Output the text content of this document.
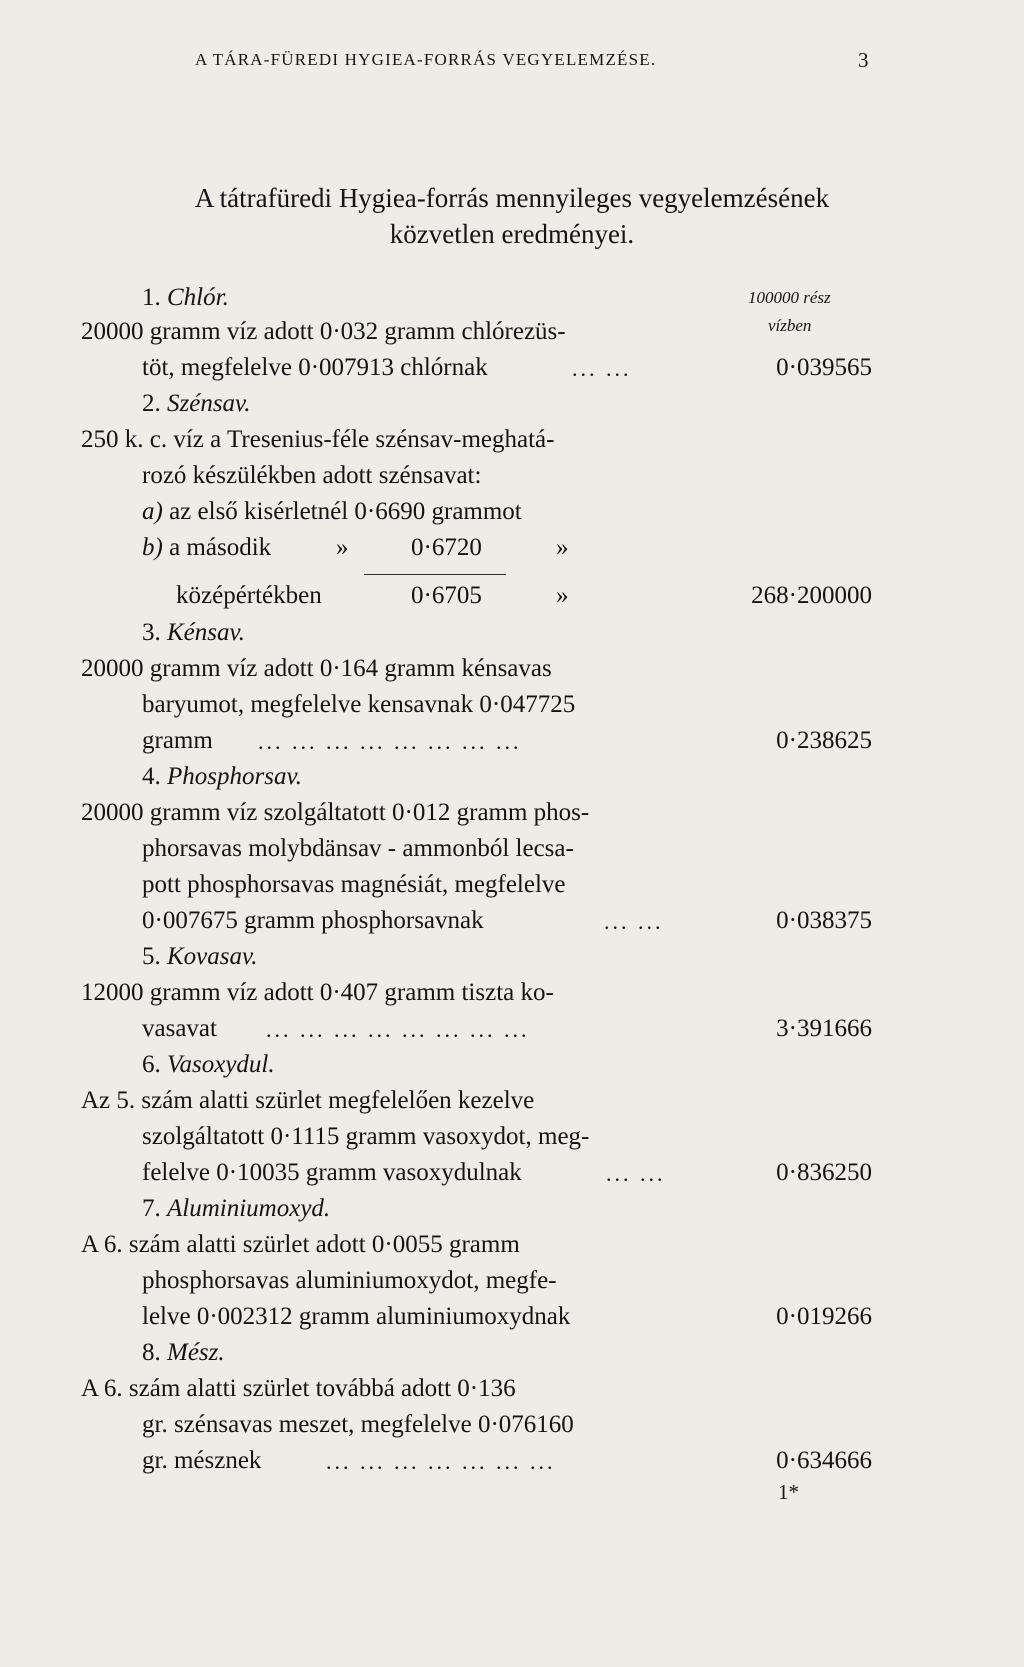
A TÁRA-FÜREDI HYGIEA-FORRÁS VEGYELEMZÉSE.	3
A tátrafüredi Hygiea-forrás mennyileges vegyelemzésének
közvetlen eredményei.
100000 rész
vízben
1. Chlór.
20000 gramm víz adott 0·032 gramm chlórezüs-
töt, megfelelve 0·007913 chlórnak	... ...	0·039565
2. Szénsav.
250 k. c. víz a Tresenius-féle szénsav-meghatá-
rozó készülékben adott szénsavat:
a) az első kisérletnél 0·6690 grammot
b) a második	»	0·6720	»
középértékben	0·6705	»	268·200000
3. Kénsav.
20000 gramm víz adott 0·164 gramm kénsavas
baryumot, megfelelve kensavnak 0·047725
gramm ... ... ... ... ... ... ... ...	0·238625
4. Phosphorsav.
20000 gramm víz szolgáltatott 0·012 gramm phos-
phorsavas molybdänsav - ammonból lecsa-
pott phosphorsavas magnésiát, megfelelve
0·007675 gramm phosphorsavnak	... ...	0·038375
5. Kovasav.
12000 gramm víz adott 0·407 gramm tiszta ko-
vasavat ... ... ... ... ... ... ... ...	3·391666
6. Vasoxydul.
Az 5. szám alatti szürlet megfelelően kezelve
szolgáltatott 0·1115 gramm vasoxydot, meg-
felelve 0·10035 gramm vasoxydulnak	... ...	0·836250
7. Aluminiumoxyd.
A 6. szám alatti szürlet adott 0·0055 gramm
phosphorsavas aluminiumoxydot, megfe-
lelve 0·002312 gramm aluminiumoxydnak	0·019266
8. Mész.
A 6. szám alatti szürlet továbbá adott 0·136
gr. szénsavas meszet, megfelelve 0·076160
gr. mésznek	... ... ... ... ... ... ...	0·634666
1*
